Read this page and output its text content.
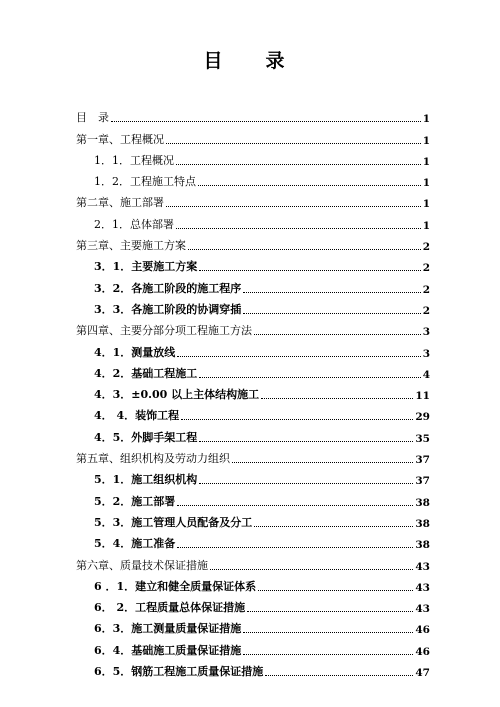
目　录
目　录	1
第一章、工程概况	1
1．1．工程概况	1
1．2．工程施工特点	1
第二章、施工部署	1
2．1．总体部署	1
第三章、主要施工方案	2
3．1．主要施工方案	2
3．2．各施工阶段的施工程序	2
3．3．各施工阶段的协调穿插	2
第四章、主要分部分项工程施工方法	3
4．1．测量放线	3
4．2．基础工程施工	4
4．3．±0.00 以上主体结构施工	11
4． 4．装饰工程	29
4．5．外脚手架工程	35
第五章、组织机构及劳动力组织	37
5．1．施工组织机构	37
5．2．施工部署	38
5．3．施工管理人员配备及分工	38
5．4．施工准备	38
第六章、质量技术保证措施	43
6 ．1．建立和健全质量保证体系	43
6． 2．工程质量总体保证措施	43
6．3．施工测量质量保证措施	46
6．4．基础施工质量保证措施	46
6．5．钢筋工程施工质量保证措施	47
